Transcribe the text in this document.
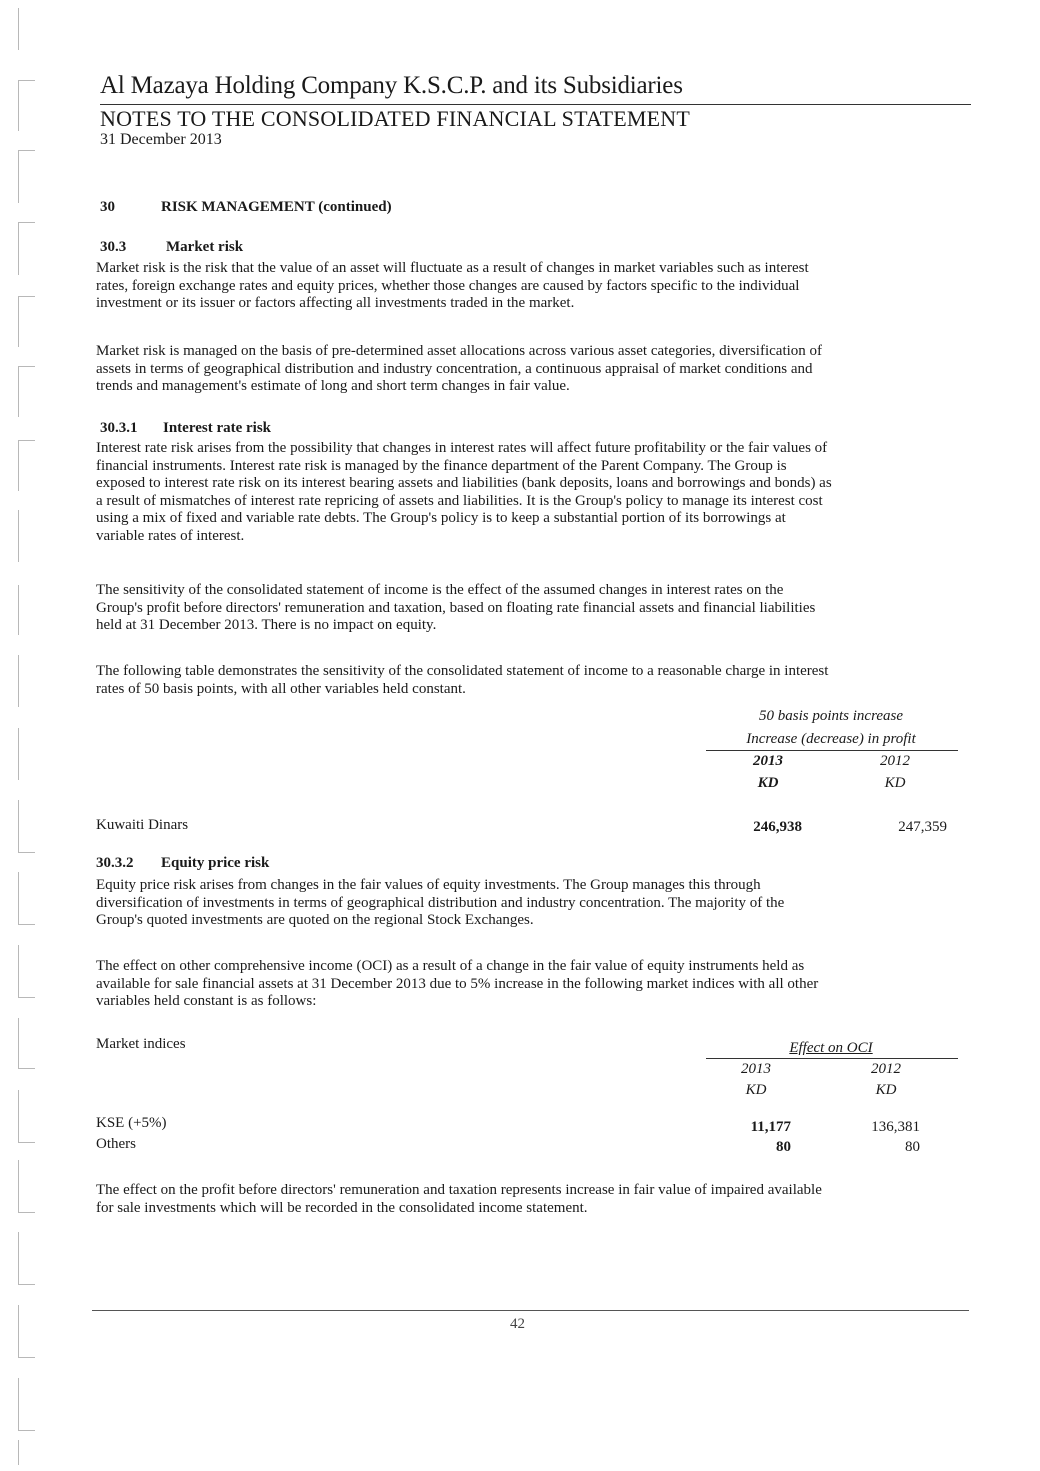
Al Mazaya Holding Company K.S.C.P. and its Subsidiaries
NOTES TO THE CONSOLIDATED FINANCIAL STATEMENT
31 December 2013
30	RISK MANAGEMENT (continued)
30.3	Market risk
Market risk is the risk that the value of an asset will fluctuate as a result of changes in market variables such as interest
rates, foreign exchange rates and equity prices, whether those changes are caused by factors specific to the individual
investment or its issuer or factors affecting all investments traded in the market.
Market risk is managed on the basis of pre-determined asset allocations across various asset categories, diversification of
assets in terms of geographical distribution and industry concentration, a continuous appraisal of market conditions and
trends and management's estimate of long and short term changes in fair value.
30.3.1 Interest rate risk
Interest rate risk arises from the possibility that changes in interest rates will affect future profitability or the fair values of
financial instruments. Interest rate risk is managed by the finance department of the Parent Company. The Group is
exposed to interest rate risk on its interest bearing assets and liabilities (bank deposits, loans and borrowings and bonds) as
a result of mismatches of interest rate repricing of assets and liabilities. It is the Group's policy to manage its interest cost
using a mix of fixed and variable rate debts. The Group's policy is to keep a substantial portion of its borrowings at
variable rates of interest.
The sensitivity of the consolidated statement of income is the effect of the assumed changes in interest rates on the
Group's profit before directors' remuneration and taxation, based on floating rate financial assets and financial liabilities
held at 31 December 2013. There is no impact on equity.
The following table demonstrates the sensitivity of the consolidated statement of income to a reasonable charge in interest
rates of 50 basis points, with all other variables held constant.
50 basis points increase
Increase (decrease) in profit
2013	2012
KD	KD
Kuwaiti Dinars	246,938	247,359
30.3.2 Equity price risk
Equity price risk arises from changes in the fair values of equity investments. The Group manages this through
diversification of investments in terms of geographical distribution and industry concentration. The majority of the
Group's quoted investments are quoted on the regional Stock Exchanges.
The effect on other comprehensive income (OCI) as a result of a change in the fair value of equity instruments held as
available for sale financial assets at 31 December 2013 due to 5% increase in the following market indices with all other
variables held constant is as follows:
Market indices	Effect on OCI
2013	2012
KD	KD
KSE (+5%)	11,177	136,381
Others	80	80
The effect on the profit before directors' remuneration and taxation represents increase in fair value of impaired available
for sale investments which will be recorded in the consolidated income statement.
42
